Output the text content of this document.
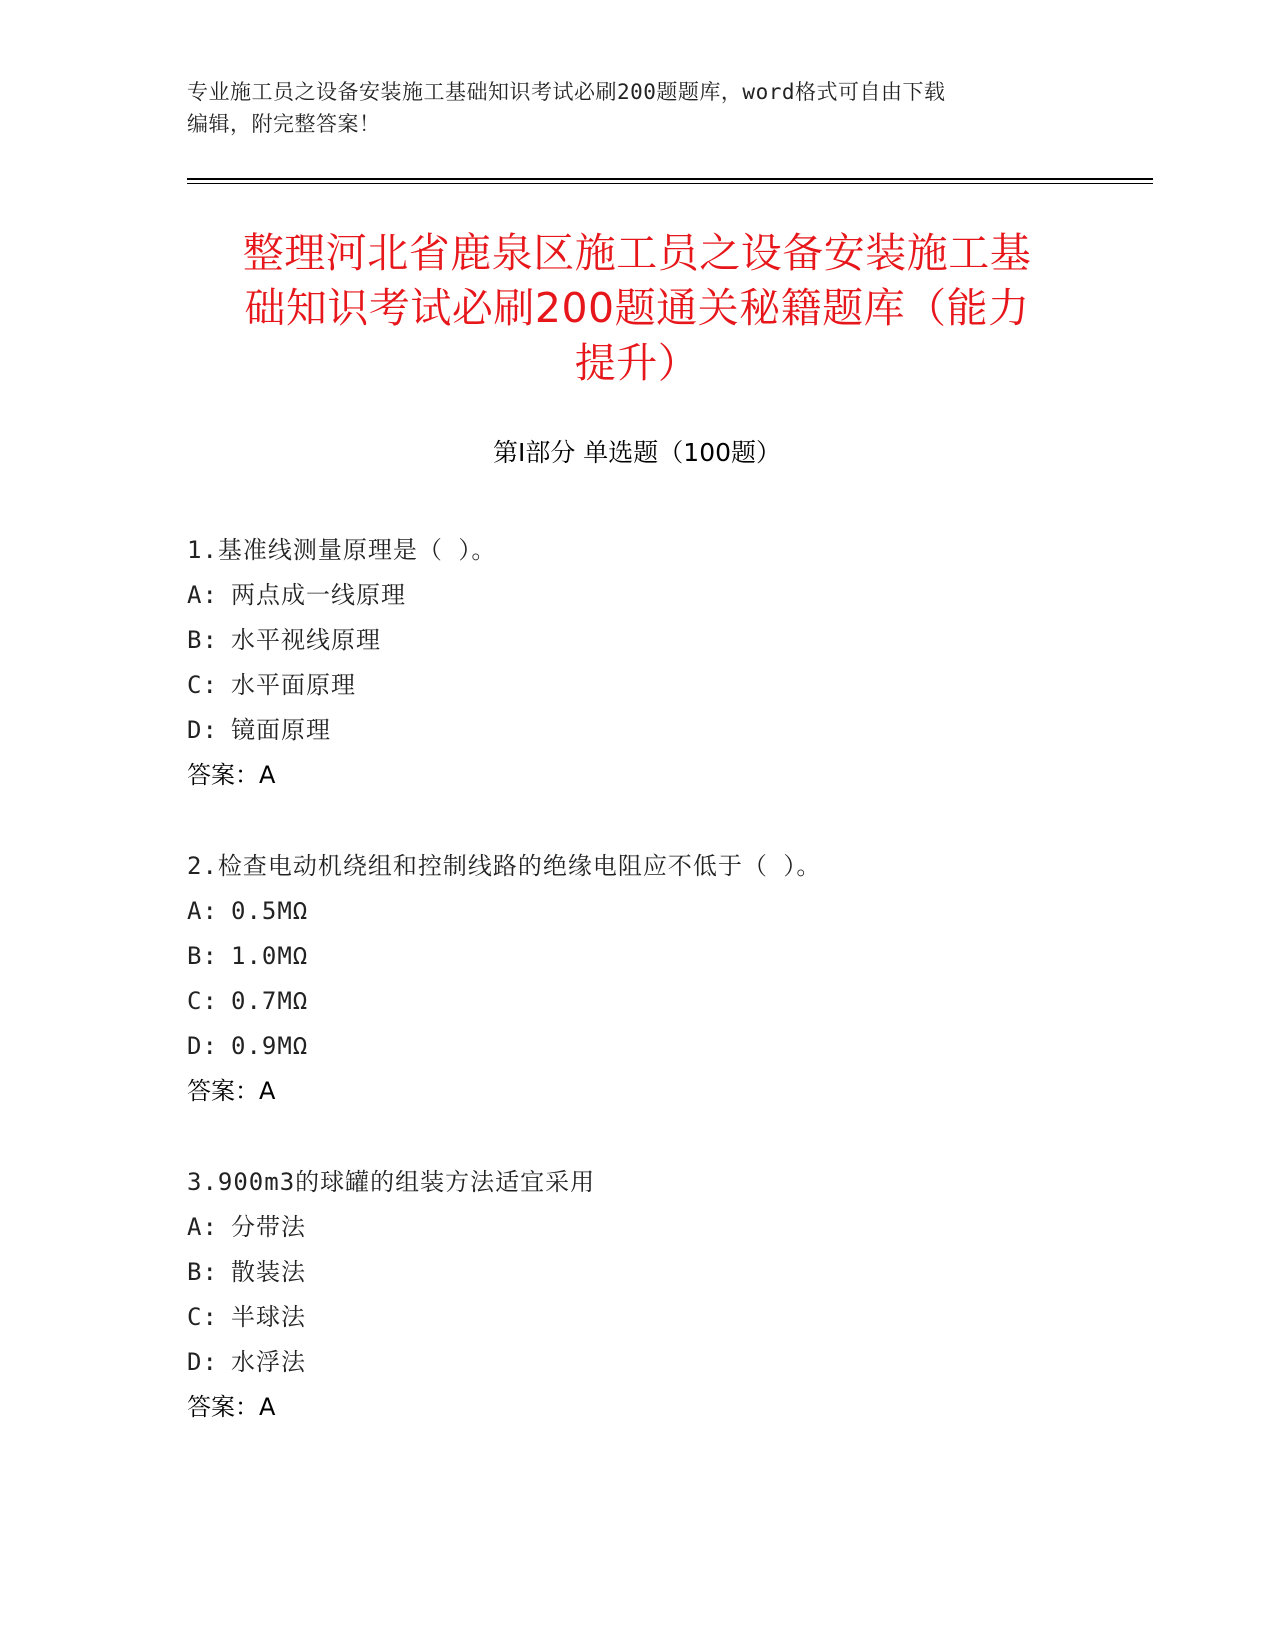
专业施工员之设备安装施工基础知识考试必刷200题题库，word格式可自由下载
编辑，附完整答案！
整理河北省鹿泉区施工员之设备安装施工基
础知识考试必刷200题通关秘籍题库（能力
提升）
第Ⅰ部分 单选题（100题）
1.基准线测量原理是（ ）。
A: 两点成一线原理
B: 水平视线原理
C: 水平面原理
D: 镜面原理
答案：A
2.检查电动机绕组和控制线路的绝缘电阻应不低于（ ）。
A: 0.5MΩ
B: 1.0MΩ
C: 0.7MΩ
D: 0.9MΩ
答案：A
3.900m3的球罐的组装方法适宜采用
A: 分带法
B: 散装法
C: 半球法
D: 水浮法
答案：A
